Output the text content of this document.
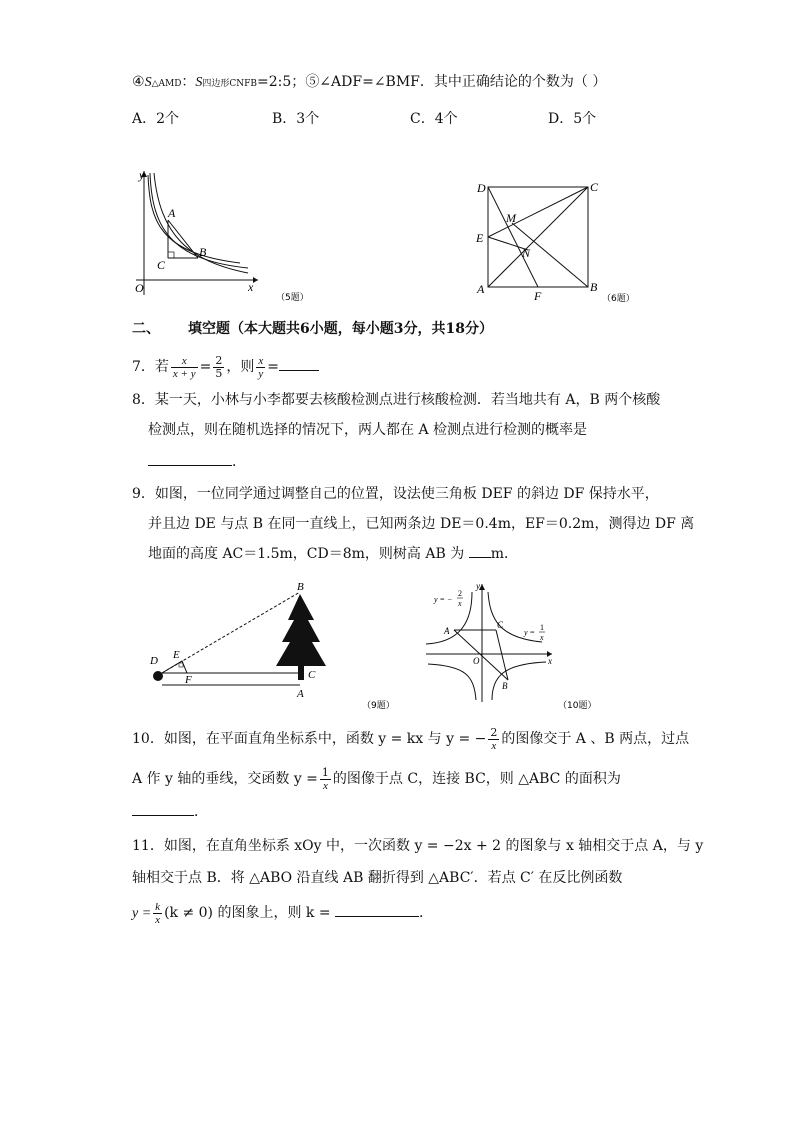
④S△AMD：S四边形CNFB=2:5；⑤∠ADF=∠BMF．其中正确结论的个数为（ ）
A．2个	B．3个	C．4个	D．5个
y
x
O
A
B
C
（5题）
D	C
M
E
N
A	F
B
（6题）
二、 填空题（本大题共6小题，每小题3分，共18分）
7．若 $\frac{x}{x + y} = \frac{2}{5}$ ，则 $\frac{x}{y}$ =
8．某一天，小林与小李都要去核酸检测点进行核酸检测．若当地共有 A，B 两个核酸
检测点，则在随机选择的情况下，两人都在 A 检测点进行检测的概率是
．
9．如图，一位同学通过调整自己的位置，设法使三角板 DEF 的斜边 DF 保持水平，
并且边 DE 与点 B 在同一直线上，已知两条边 DE＝0.4m，EF＝0.2m，测得边 DF 离
地面的高度 AC＝1.5m，CD＝8m，则树高 AB 为 m．
B
D E
F	C
A
（9题）
y = −
2
x
y =
1
x
y
x
O
A
C
B
（10题）
10．如图，在平面直角坐标系中，函数 y = kx 与 y = − $\frac{2}{x}$ 的图像交于 A 、B 两点，过点
A 作 y 轴的垂线，交函数 $y = \frac{1}{x}$ 的图像于点 C，连接 BC，则 △ABC 的面积为
．
11．如图，在直角坐标系 xOy 中，一次函数 y = −2x + 2 的图象与 x 轴相交于点 A，与 y
轴相交于点 B．将 △ABO 沿直线 AB 翻折得到 △ABC′．若点 C′ 在反比例函数
$y = \frac{k}{x} (k \ne 0)$ 的图象上，则 k =	．
